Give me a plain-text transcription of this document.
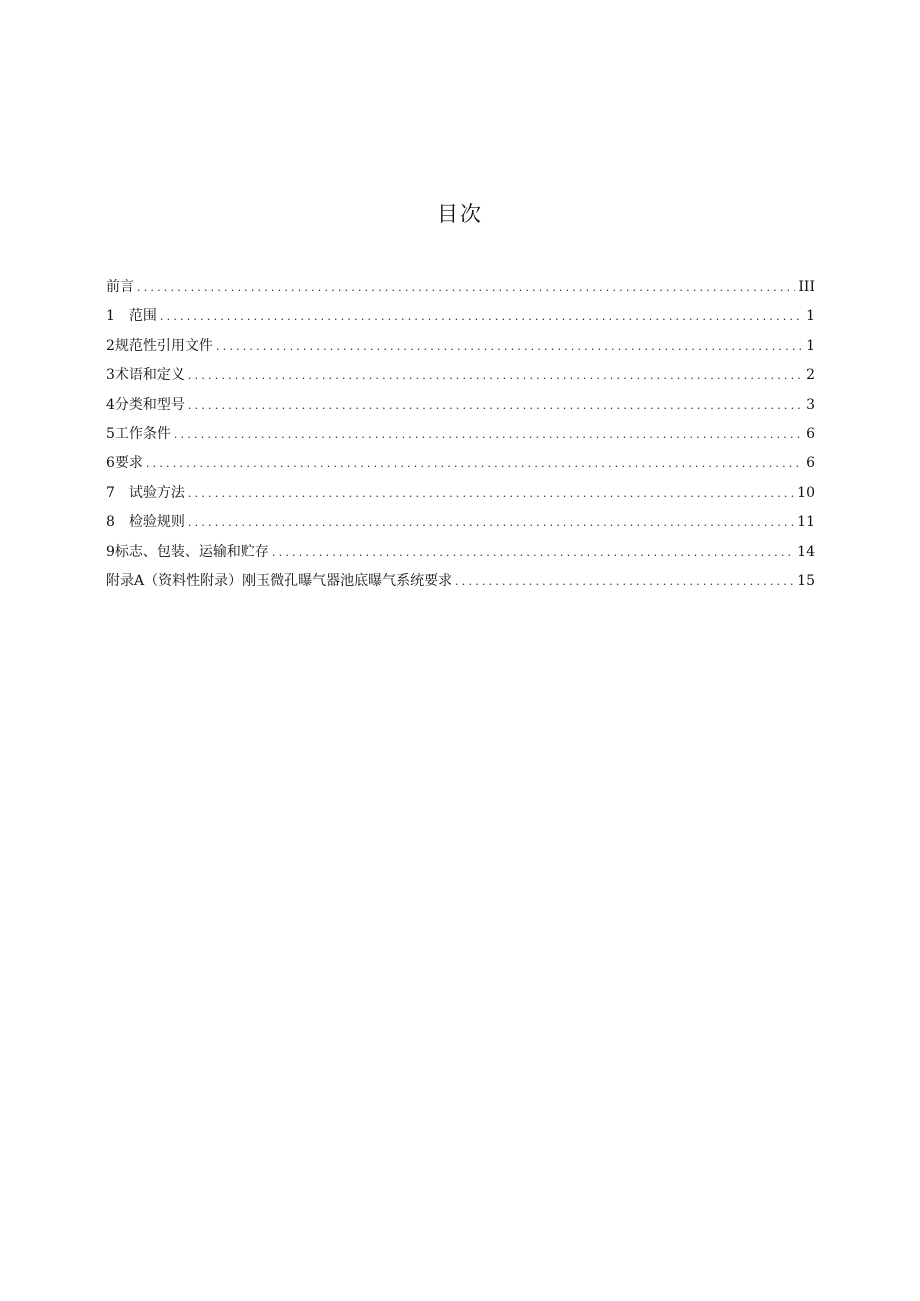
目次
前言 .....	III
1　范围 .....	1
2规范性引用文件 .....	1
3术语和定义 .....	2
4分类和型号 .....	3
5工作条件 .....	6
6要求 .....	6
7　试验方法 .....	10
8　检验规则 .....	11
9标志、包装、运输和贮存 .....	14
附录A（资料性附录）刚玉微孔曝气器池底曝气系统要求 .....	15
